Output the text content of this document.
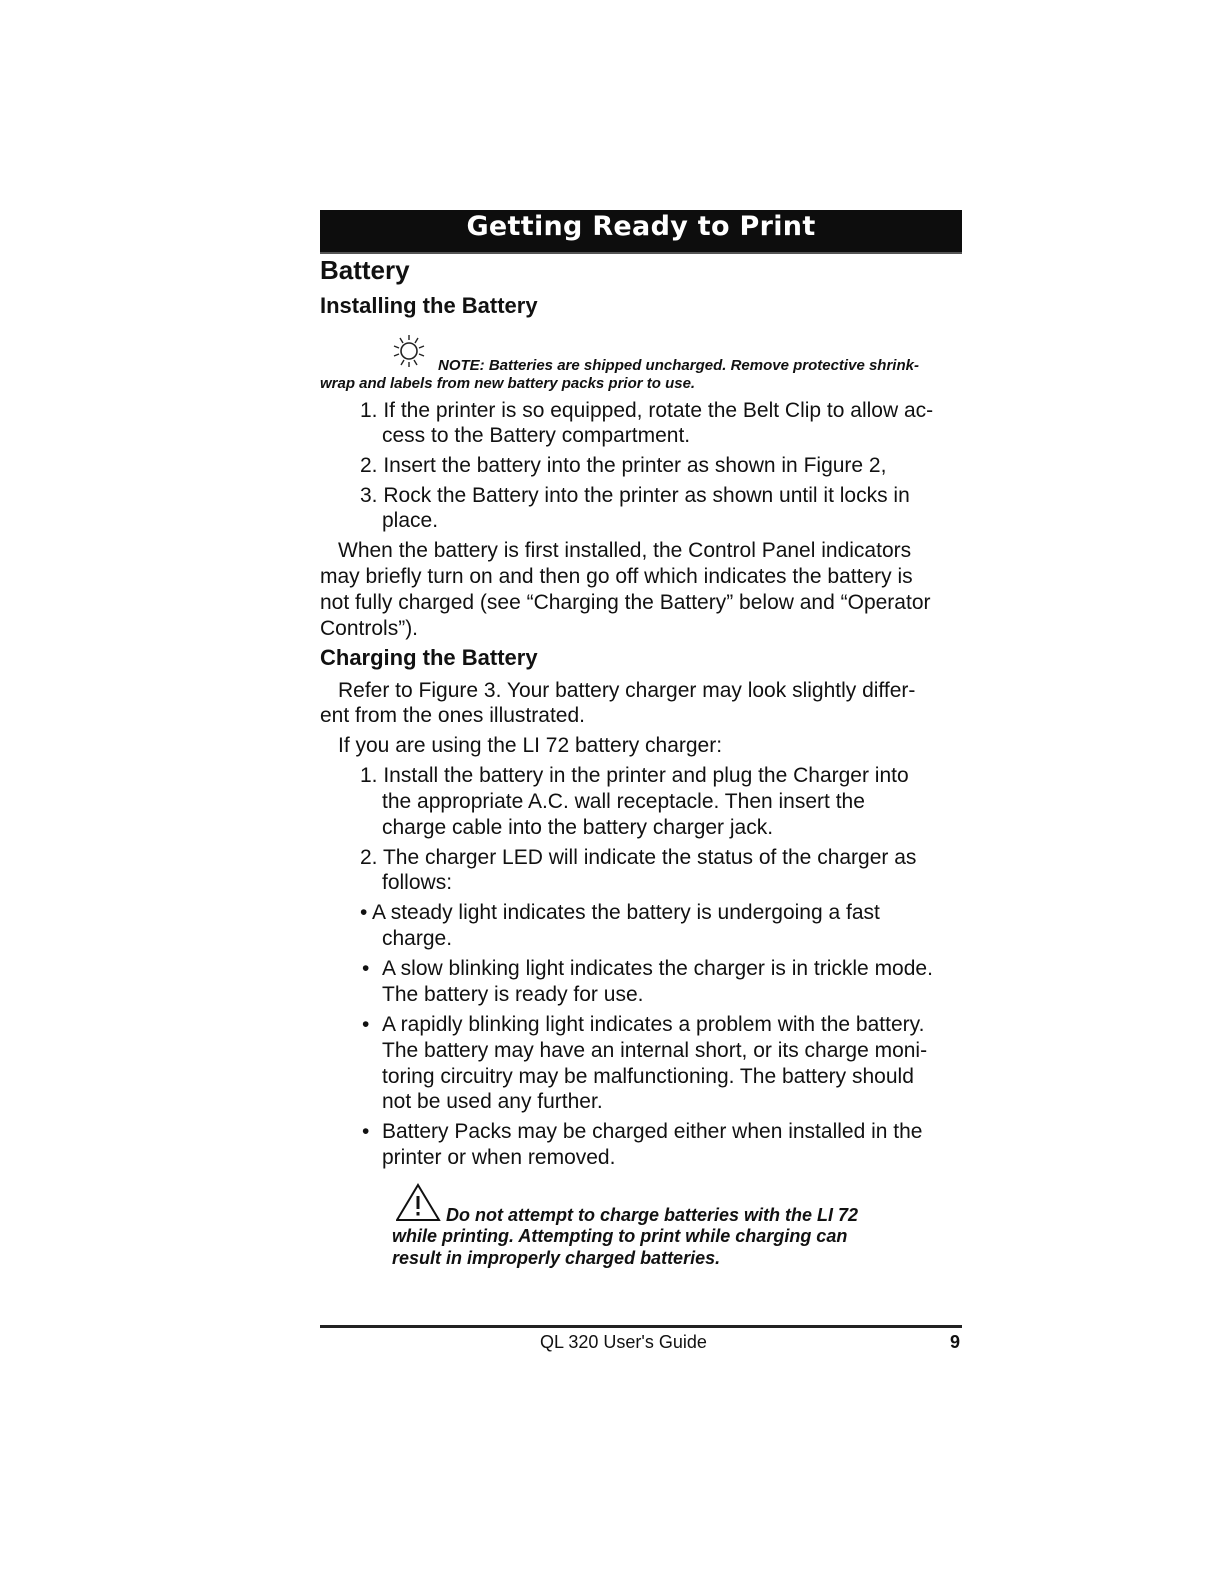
Getting Ready to Print
Battery
Installing the Battery
NOTE: Batteries are shipped uncharged. Remove protective shrink-
wrap and labels from new battery packs prior to use.
1. If the printer is so equipped, rotate the Belt Clip to allow ac-
cess to the Battery compartment.
2. Insert the battery into the printer as shown in Figure 2,
3. Rock the Battery into the printer as shown until it locks in
place.
When the battery is first installed, the Control Panel indicators
may briefly turn on and then go off which indicates the battery is
not fully charged (see “Charging the Battery” below and “Operator
Controls”).
Charging the Battery
Refer to Figure 3. Your battery charger may look slightly differ-
ent from the ones illustrated.
If you are using the LI 72 battery charger:
1. Install the battery in the printer and plug the Charger into
the appropriate A.C. wall receptacle. Then insert the
charge cable into the battery charger jack.
2. The charger LED will indicate the status of the charger as
follows:
• A steady light indicates the battery is undergoing a fast
charge.
• A slow blinking light indicates the charger is in trickle mode.
The battery is ready for use.
• A rapidly blinking light indicates a problem with the battery.
The battery may have an internal short, or its charge moni-
toring circuitry may be malfunctioning. The battery should
not be used any further.
• Battery Packs may be charged either when installed in the
printer or when removed.
Do not attempt to charge batteries with the LI 72
while printing. Attempting to print while charging can
result in improperly charged batteries.
QL 320 User's Guide	9
